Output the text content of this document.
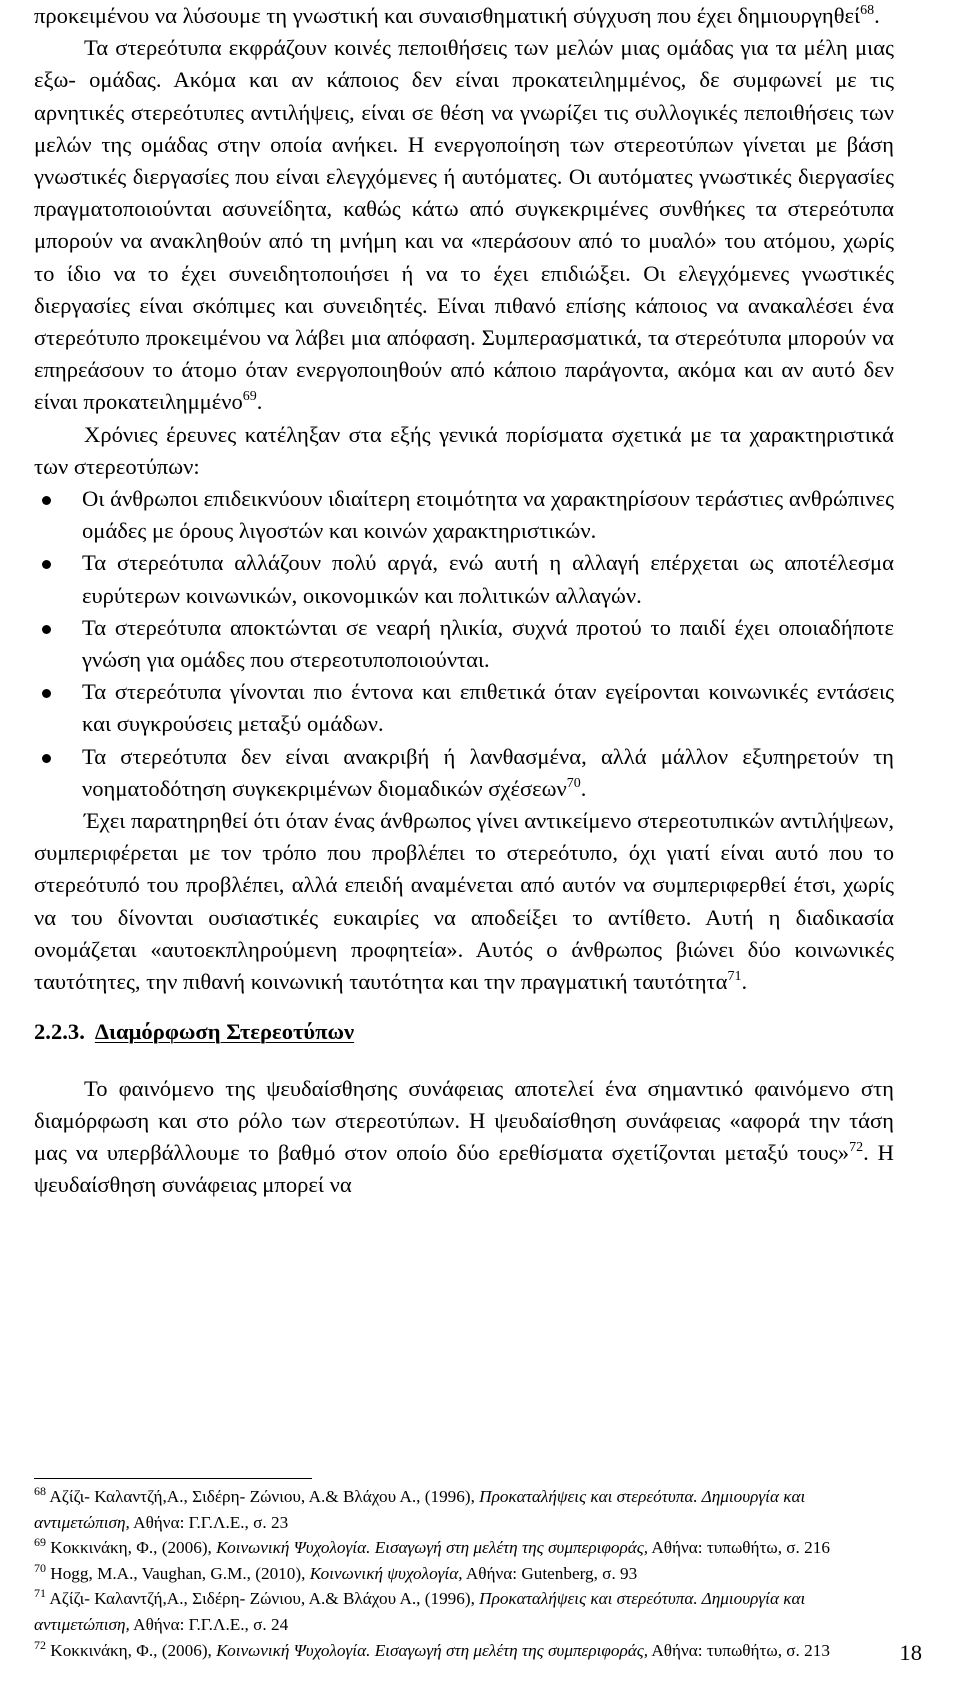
προκειμένου να λύσουμε τη γνωστική και συναισθηματική σύγχυση που έχει δημιουργηθεί$^{68}$.

Τα στερεότυπα εκφράζουν κοινές πεποιθήσεις των μελών μιας ομάδας για τα μέλη μιας εξω- ομάδας. Ακόμα και αν κάποιος δεν είναι προκατειλημμένος, δε συμφωνεί με τις αρνητικές στερεότυπες αντιλήψεις, είναι σε θέση να γνωρίζει τις συλλογικές πεποιθήσεις των μελών της ομάδας στην οποία ανήκει. Η ενεργοποίηση των στερεοτύπων γίνεται με βάση γνωστικές διεργασίες που είναι ελεγχόμενες ή αυτόματες. Οι αυτόματες γνωστικές διεργασίες πραγματοποιούνται ασυνείδητα, καθώς κάτω από συγκεκριμένες συνθήκες τα στερεότυπα μπορούν να ανακληθούν από τη μνήμη και να «περάσουν από το μυαλό» του ατόμου, χωρίς το ίδιο να το έχει συνειδητοποιήσει ή να το έχει επιδιώξει. Οι ελεγχόμενες γνωστικές διεργασίες είναι σκόπιμες και συνειδητές. Είναι πιθανό επίσης κάποιος να ανακαλέσει ένα στερεότυπο προκειμένου να λάβει μια απόφαση. Συμπερασματικά, τα στερεότυπα μπορούν να επηρεάσουν το άτομο όταν ενεργοποιηθούν από κάποιο παράγοντα, ακόμα και αν αυτό δεν είναι προκατειλημμένο$^{69}$.

Χρόνιες έρευνες κατέληξαν στα εξής γενικά πορίσματα σχετικά με τα χαρακτηριστικά των στερεοτύπων:

Οι άνθρωποι επιδεικνύουν ιδιαίτερη ετοιμότητα να χαρακτηρίσουν τεράστιες ανθρώπινες ομάδες με όρους λιγοστών και κοινών χαρακτηριστικών.
Τα στερεότυπα αλλάζουν πολύ αργά, ενώ αυτή η αλλαγή επέρχεται ως αποτέλεσμα ευρύτερων κοινωνικών, οικονομικών και πολιτικών αλλαγών.
Τα στερεότυπα αποκτώνται σε νεαρή ηλικία, συχνά προτού το παιδί έχει οποιαδήποτε γνώση για ομάδες που στερεοτυποποιούνται.
Τα στερεότυπα γίνονται πιο έντονα και επιθετικά όταν εγείρονται κοινωνικές εντάσεις και συγκρούσεις μεταξύ ομάδων.
Τα στερεότυπα δεν είναι ανακριβή ή λανθασμένα, αλλά μάλλον εξυπηρετούν τη νοηματοδότηση συγκεκριμένων διομαδικών σχέσεων$^{70}$.

Έχει παρατηρηθεί ότι όταν ένας άνθρωπος γίνει αντικείμενο στερεοτυπικών αντιλήψεων, συμπεριφέρεται με τον τρόπο που προβλέπει το στερεότυπο, όχι γιατί είναι αυτό που το στερεότυπό του προβλέπει, αλλά επειδή αναμένεται από αυτόν να συμπεριφερθεί έτσι, χωρίς να του δίνονται ουσιαστικές ευκαιρίες να αποδείξει το αντίθετο. Αυτή η διαδικασία ονομάζεται «αυτοεκπληρούμενη προφητεία». Αυτός ο άνθρωπος βιώνει δύο κοινωνικές ταυτότητες, την πιθανή κοινωνική ταυτότητα και την πραγματική ταυτότητα$^{71}$.

2.2.3. Διαμόρφωση Στερεοτύπων

Το φαινόμενο της ψευδαίσθησης συνάφειας αποτελεί ένα σημαντικό φαινόμενο στη διαμόρφωση και στο ρόλο των στερεοτύπων. Η ψευδαίσθηση συνάφειας «αφορά την τάση μας να υπερβάλλουμε το βαθμό στον οποίο δύο ερεθίσματα σχετίζονται μεταξύ τους»$^{72}$. Η ψευδαίσθηση συνάφειας μπορεί να

$^{68}$ Αζίζι- Καλαντζή,Α., Σιδέρη- Ζώνιου, Α.& Βλάχου Α., (1996), Προκαταλήψεις και στερεότυπα. Δημιουργία και αντιμετώπιση, Αθήνα: Γ.Γ.Λ.Ε., σ. 23

$^{69}$ Κοκκινάκη, Φ., (2006), Κοινωνική Ψυχολογία. Εισαγωγή στη μελέτη της συμπεριφοράς, Αθήνα: τυπωθήτω, σ. 216

$^{70}$ Hogg, M.A., Vaughan, G.M., (2010), Κοινωνική ψυχολογία, Αθήνα: Gutenberg, σ. 93

$^{71}$ Αζίζι- Καλαντζή,Α., Σιδέρη- Ζώνιου, Α.& Βλάχου Α., (1996), Προκαταλήψεις και στερεότυπα. Δημιουργία και αντιμετώπιση, Αθήνα: Γ.Γ.Λ.Ε., σ. 24

$^{72}$ Κοκκινάκη, Φ., (2006), Κοινωνική Ψυχολογία. Εισαγωγή στη μελέτη της συμπεριφοράς, Αθήνα: τυπωθήτω, σ. 213	18
